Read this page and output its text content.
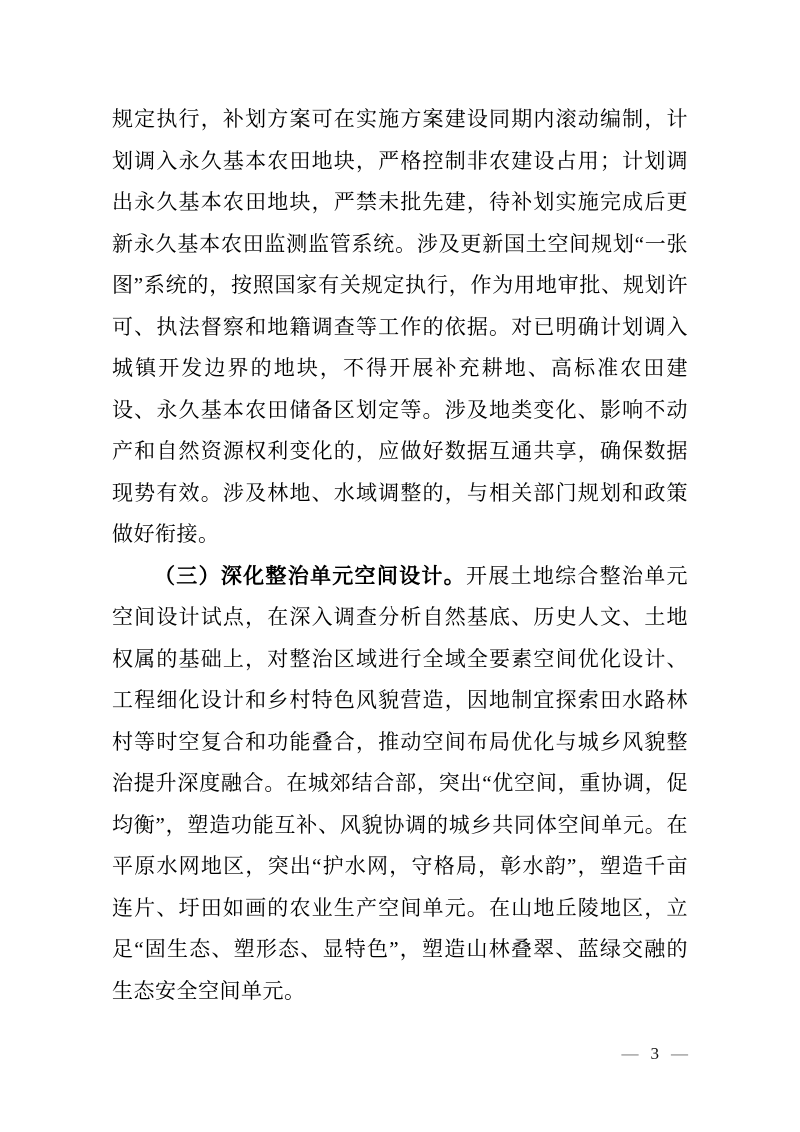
规定执行，补划方案可在实施方案建设同期内滚动编制，计划调入永久基本农田地块，严格控制非农建设占用；计划调出永久基本农田地块，严禁未批先建，待补划实施完成后更新永久基本农田监测监管系统。涉及更新国土空间规划“一张图”系统的，按照国家有关规定执行，作为用地审批、规划许可、执法督察和地籍调查等工作的依据。对已明确计划调入城镇开发边界的地块，不得开展补充耕地、高标准农田建设、永久基本农田储备区划定等。涉及地类变化、影响不动产和自然资源权利变化的，应做好数据互通共享，确保数据现势有效。涉及林地、水域调整的，与相关部门规划和政策做好衔接。

（三）深化整治单元空间设计。开展土地综合整治单元空间设计试点，在深入调查分析自然基底、历史人文、土地权属的基础上，对整治区域进行全域全要素空间优化设计、工程细化设计和乡村特色风貌营造，因地制宜探索田水路林村等时空复合和功能叠合，推动空间布局优化与城乡风貌整治提升深度融合。在城郊结合部，突出“优空间，重协调，促均衡”，塑造功能互补、风貌协调的城乡共同体空间单元。在平原水网地区，突出“护水网，守格局，彰水韵”，塑造千亩连片、圩田如画的农业生产空间单元。在山地丘陵地区，立足“固生态、塑形态、显特色”，塑造山林叠翠、蓝绿交融的生态安全空间单元。

— 3 —
